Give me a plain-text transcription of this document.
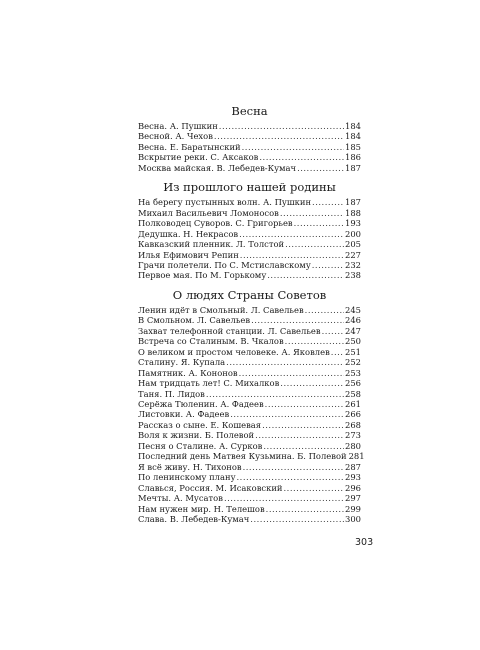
Весна
Весна. А. Пушкин .....	184
Весной. А. Чехов .....	184
Весна. Е. Баратынский .....	185
Вскрытие реки. С. Аксаков .....	186
Москва майская. В. Лебедев-Кумач .....	187
Из прошлого нашей родины
На берегу пустынных волн. А. Пушкин .....	187
Михаил Васильевич Ломоносов .....	188
Полководец Суворов. С. Григорьев .....	193
Дедушка. Н. Некрасов .....	200
Кавказский пленник. Л. Толстой .....	205
Илья Ефимович Репин .....	227
Грачи полетели. По С. Мстиславскому .....	232
Первое мая. По М. Горькому .....	238
О людях Страны Советов
Ленин идёт в Смольный. Л. Савельев .....	245
В Смольном. Л. Савельев .....	246
Захват телефонной станции. Л. Савельев .....	247
Встреча со Сталиным. В. Чкалов .....	250
О великом и простом человеке. А. Яковлев ..... 251
Сталину. Я. Купала .....	252
Памятник. А. Кононов .....	253
Нам тридцать лет! С. Михалков .....	256
Таня. П. Лидов .....	258
Серёжа Тюленин. А. Фадеев .....	261
Листовки. А. Фадеев .....	266
Рассказ о сыне. Е. Кошевая .....	268
Воля к жизни. Б. Полевой .....	273
Песня о Сталине. А. Сурков .....	280
Последний день Матвея Кузьмина. Б. Полевой 281
Я всё живу. Н. Тихонов .....	287
По ленинскому плану .....	293
Славься, Россия. М. Исаковский .....	296
Мечты. А. Мусатов .....	297
Нам нужен мир. Н. Телешов .....	299
Слава. В. Лебедев-Кумач .....	300
303
